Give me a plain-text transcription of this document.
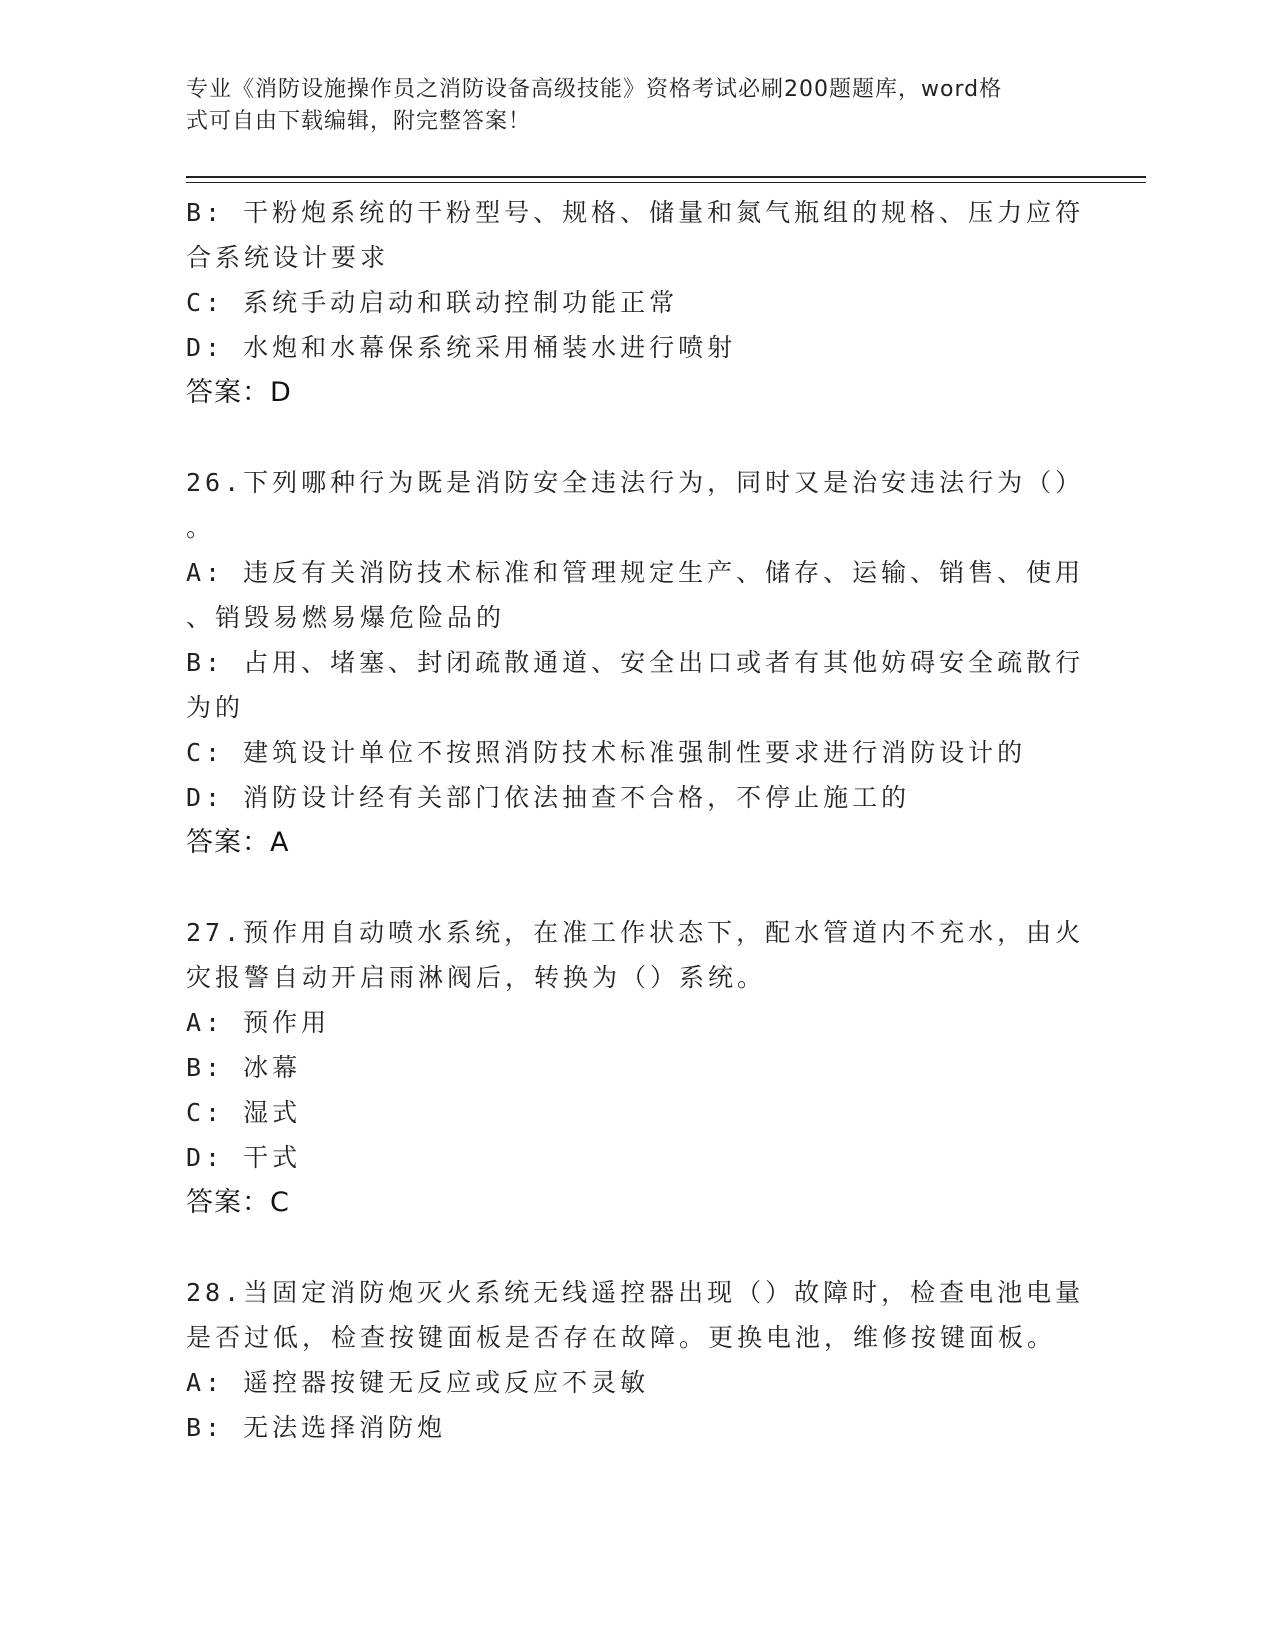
专业《消防设施操作员之消防设备高级技能》资格考试必刷200题题库，word格
式可自由下载编辑，附完整答案！
B: 干粉炮系统的干粉型号、规格、储量和氮气瓶组的规格、压力应符
合系统设计要求
C: 系统手动启动和联动控制功能正常
D: 水炮和水幕保系统采用桶装水进行喷射
答案：D
26.下列哪种行为既是消防安全违法行为，同时又是治安违法行为（）
。
A: 违反有关消防技术标准和管理规定生产、储存、运输、销售、使用
、销毁易燃易爆危险品的
B: 占用、堵塞、封闭疏散通道、安全出口或者有其他妨碍安全疏散行
为的
C: 建筑设计单位不按照消防技术标准强制性要求进行消防设计的
D: 消防设计经有关部门依法抽查不合格，不停止施工的
答案：A
27.预作用自动喷水系统，在准工作状态下，配水管道内不充水，由火
灾报警自动开启雨淋阀后，转换为（）系统。
A: 预作用
B: 冰幕
C: 湿式
D: 干式
答案：C
28.当固定消防炮灭火系统无线遥控器出现（）故障时，检查电池电量
是否过低，检查按键面板是否存在故障。更换电池，维修按键面板。
A: 遥控器按键无反应或反应不灵敏
B: 无法选择消防炮
